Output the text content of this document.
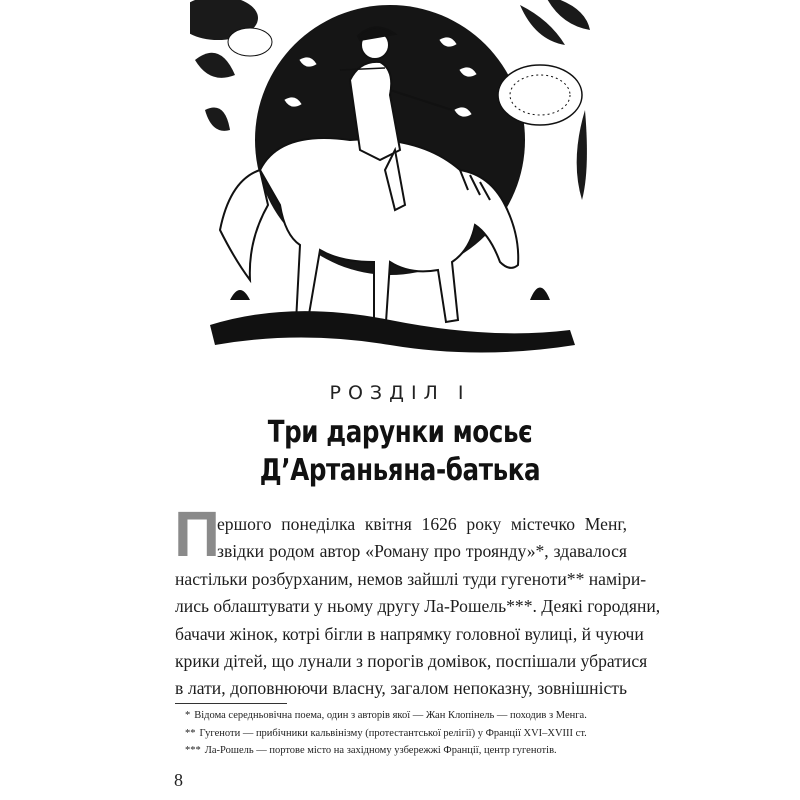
РОЗДІЛ І
Три дарунки мосьє
Д’Артаньяна-батька
П
ершого понеділка квітня 1626 року містечко Менг,
звідки родом автор «Роману про троянду»*, здавалося
настільки розбурханим, немов зайшлі туди гугеноти** наміри-
лись облаштувати у ньому другу Ла-Рошель***. Деякі городяни,
бачачи жінок, котрі бігли в напрямку головної вулиці, й чуючи
крики дітей, що лунали з порогів домівок, поспішали убратися
в лати, доповнюючи власну, загалом непоказну, зовнішність
* Відома середньовічна поема, один з авторів якої — Жан Клопінель — походив з Менга.
** Гугеноти — прибічники кальвінізму (протестантської релігії) у Франції XVI–XVIII ст.
*** Ла-Рошель — портове місто на західному узбережжі Франції, центр гугенотів.
8
